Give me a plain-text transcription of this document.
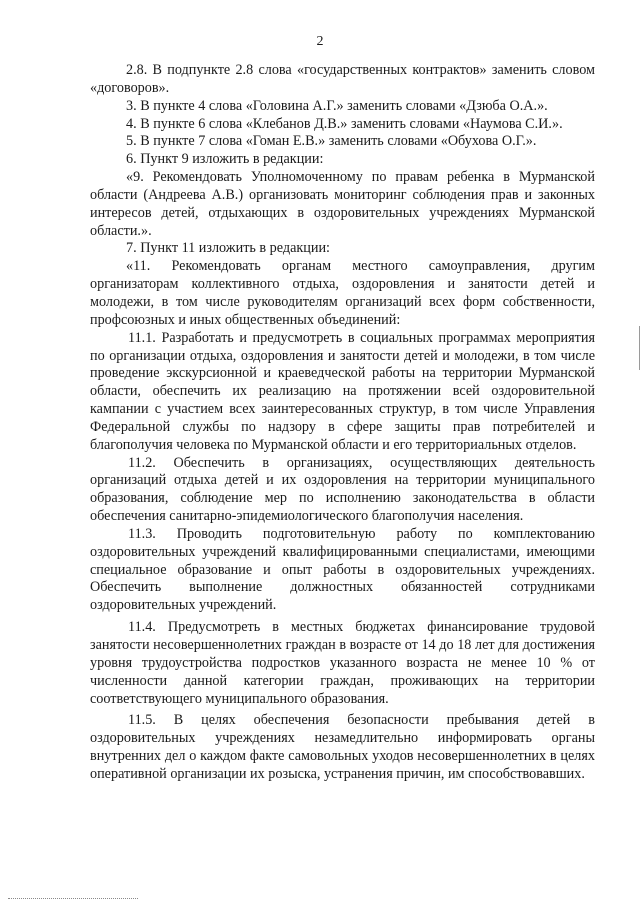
2

2.8. В подпункте 2.8 слова «государственных контрактов» заменить словом «договоров».

3. В пункте 4 слова «Головина А.Г.» заменить словами «Дзюба О.А.».

4. В пункте 6 слова «Клебанов Д.В.» заменить словами «Наумова С.И.».

5. В пункте 7 слова «Гоман Е.В.» заменить словами «Обухова О.Г.».

6. Пункт 9 изложить в редакции:

«9. Рекомендовать Уполномоченному по правам ребенка в Мурманской области (Андреева А.В.) организовать мониторинг соблюдения прав и законных интересов детей, отдыхающих в оздоровительных учреждениях Мурманской области.».

7. Пункт 11 изложить в редакции:

«11. Рекомендовать органам местного самоуправления, другим организаторам коллективного отдыха, оздоровления и занятости детей и молодежи, в том числе руководителям организаций всех форм собственности, профсоюзных и иных общественных объединений:

11.1. Разработать и предусмотреть в социальных программах мероприятия по организации отдыха, оздоровления и занятости детей и молодежи, в том числе проведение экскурсионной и краеведческой работы на территории Мурманской области, обеспечить их реализацию на протяжении всей оздоровительной кампании с участием всех заинтересованных структур, в том числе Управления Федеральной службы по надзору в сфере защиты прав потребителей и благополучия человека по Мурманской области и его территориальных отделов.

11.2. Обеспечить в организациях, осуществляющих деятельность организаций отдыха детей и их оздоровления на территории муниципального образования, соблюдение мер по исполнению законодательства в области обеспечения санитарно-эпидемиологического благополучия населения.

11.3. Проводить подготовительную работу по комплектованию оздоровительных учреждений квалифицированными специалистами, имеющими специальное образование и опыт работы в оздоровительных учреждениях. Обеспечить выполнение должностных обязанностей сотрудниками оздоровительных учреждений.

11.4. Предусмотреть в местных бюджетах финансирование трудовой занятости несовершеннолетних граждан в возрасте от 14 до 18 лет для достижения уровня трудоустройства подростков указанного возраста не менее 10 % от численности данной категории граждан, проживающих на территории соответствующего муниципального образования.

11.5. В целях обеспечения безопасности пребывания детей в оздоровительных учреждениях незамедлительно информировать органы внутренних дел о каждом факте самовольных уходов несовершеннолетних в целях оперативной организации их розыска, устранения причин, им способствовавших.
